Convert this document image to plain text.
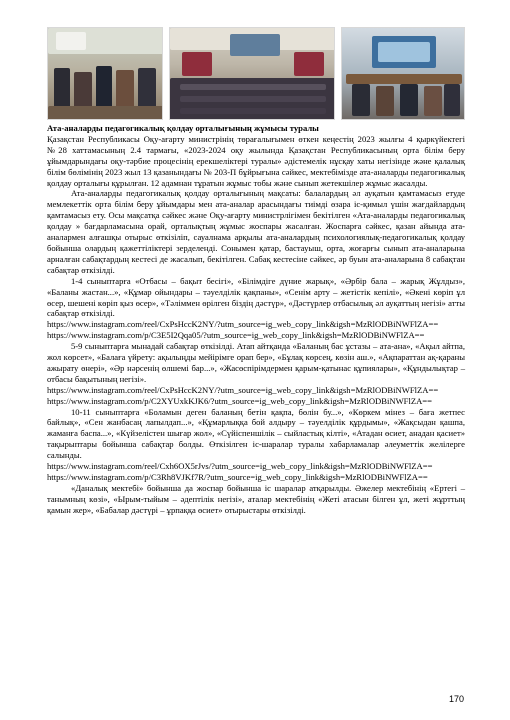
Ата-аналарды педагогикалық қолдау орталығының жұмысы туралы

Қазақстан Республикасы Оқу-ағарту министрінің төрағалығымен өткен кеңестің 2023 жылғы 4 қыркүйектегі №28 хаттамасының 2.4 тармағы, «2023-2024 оқу жылында Қазақстан Республикасының орта білім беру ұйымдарындағы оқу-тәрбие процесінің ерекшеліктері туралы» әдістемелік нұсқау хаты негізінде және қалалық білім бөлімінің 2023 жыл 13 қазанындағы № 203-П бұйрығына сәйкес, мектебімізде ата-аналарды педагогикалық қолдау орталығы құрылған. 12 адамнан тұратын жұмыс тобы және сынып жетекшілер жұмыс жасалды.

Ата-аналарды педагогикалық қолдау орталығының мақсаты: балалардың әл ауқатын қамтамасыз етуде мемлекеттік орта білім беру ұйымдары мен ата-аналар арасындағы тиімді өзара іс-қимыл үшін жағдайлардың қамтамасыз ету. Осы мақсатқа сәйкес және Оқу-ағарту министрлігімен бекітілген «Ата-аналарды педагогикалық қолдау » бағдарламасына орай, орталықтың жұмыс жоспары жасалған. Жоспарға сәйкес, қазан айында ата-аналармен алғашқы отырыс өткізіліп, сауалнама арқылы ата-аналардың психологиялық-педагогикалық қолдау бойынша олардың қажеттіліктері зерделенді. Сонымен қатар, бастауыш, орта, жоғарғы сынып ата-аналарына арналған сабақтардың кестесі де жасалып, бекітілген. Сабақ кестесіне сәйкес, әр буын ата-аналарына 8 сабақтан сабақтар өткізілді.

1-4 сыныптарға «Отбасы – бақыт бесігі», «Білімдіге дүние жарық», «Әрбір бала – жарық Жұлдыз», «Баланы жастан...», «Құмар ойындары – тәуелділік қақпаны», «Сенім арту – жетістік кепілі», «Әкені көріп ұл өсер, шешені көріп қыз өсер», «Тәліммен өрілген біздің дәстүр», «Дәстүрлер отбасылық әл ауқаттың негізі» атты сабақтар өткізілді.

https://www.instagram.com/reel/CxPsHccK2NY/?utm_source=ig_web_copy_link&igsh=MzRlODBiNWFlZA==

https://www.instagram.com/p/C3E5I2Qqa05/?utm_source=ig_web_copy_link&igsh=MzRlODBiNWFlZA==

5-9 сыныптарға мынадай сабақтар өткізілді. Атап айтқанда «Баланың бас ұстазы – ата-ана», «Ақыл айтпа, жол көрсет», «Балаға үйрету: ақылыңды мейірімге орап бер», «Бұлақ көрсең, көзін аш.», «Ақпараттан ақ-қараны ажырату өнері», «Әр нәрсенің өлшемі бар...», «Жасөспірімдермен қарым-қатынас құпиялары», «Құндылықтар – отбасы бақытының негізі».

https://www.instagram.com/reel/CxPsHccK2NY/?utm_source=ig_web_copy_link&igsh=MzRlODBiNWFlZA==

https://www.instagram.com/p/C2XYUxkKJK6/?utm_source=ig_web_copy_link&igsh=MzRlODBiNWFlZA==

10-11 сыныптарға «Боламын деген баланың бетін қақпа, бөлін бу...», «Көркем мінез – баға жетпес байлық», «Сен жанбасаң лапылдап...», «Құмарлыққа бой алдыру – тәуелділік құрдымы», «Жақсыдан қашпа, жаманға баспа...», «Күйзелістен шығар жол», «Сүйіспеншілік – сыйластық кілті», «Атадан өсиет, анадан қасиет» тақырыптары бойынша сабақтар болды. Өткізілген іс-шаралар туралы хабарламалар әлеуметтік желілерге салынды.

https://www.instagram.com/reel/Cxh6OX5rJvs/?utm_source=ig_web_copy_link&igsh=MzRlODBiNWFlZA==

https://www.instagram.com/p/C3Rh8VJKf7R/?utm_source=ig_web_copy_link&igsh=MzRlODBiNWFlZA==

«Даналық мектебі» бойынша да жоспар бойынша іс шаралар атқарылды. Әжелер мектебінің «Ертегі – танымның көзі», «Ырым-тыйым – әдептілік негізі», аталар мектебінің «Жеті атасын білген ұл, жеті жұрттың қамын жер», «Бабалар дәстүрі – ұрпаққа өсиет» отырыстары өткізілді.

170
